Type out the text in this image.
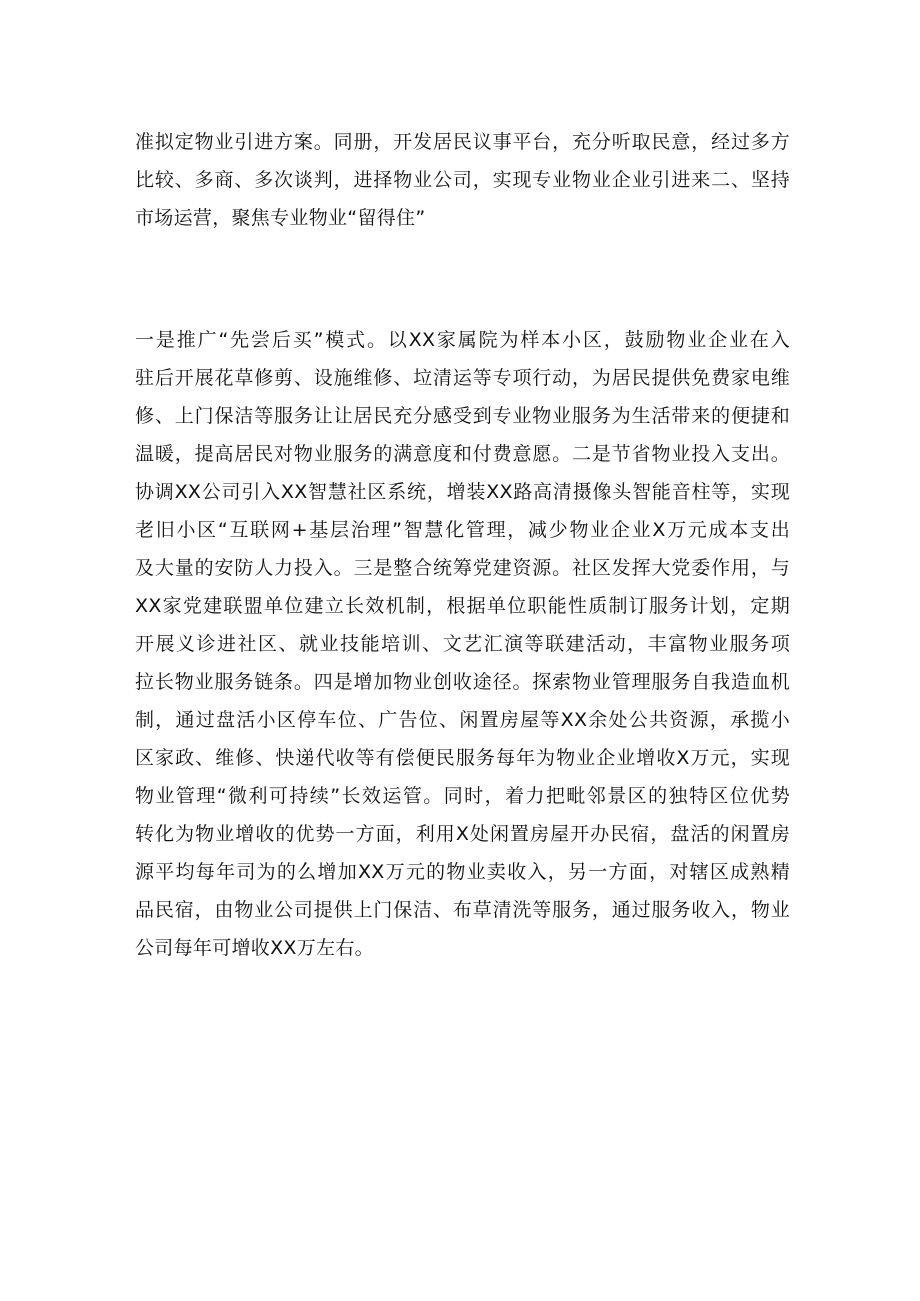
准拟定物业引进方案。同册，开发居民议事平台，充分听取民意，经过多方
比较、多商、多次谈判，进择物业公司，实现专业物业企业引进来二、坚持
市场运营，聚焦专业物业“留得住”
一是推广“先尝后买”模式。以XX家属院为样本小区，鼓励物业企业在入
驻后开展花草修剪、设施维修、垃清运等专项行动，为居民提供免费家电维
修、上门保洁等服务让让居民充分感受到专业物业服务为生活带来的便捷和
温暖，提高居民对物业服务的满意度和付费意愿。二是节省物业投入支出。
协调XX公司引入XX智慧社区系统，增装XX路高清摄像头智能音柱等，实现
老旧小区“互联网+基层治理”智慧化管理，减少物业企业X万元成本支出
及大量的安防人力投入。三是整合统筹党建资源。社区发挥大党委作用，与
XX家党建联盟单位建立长效机制，根据单位职能性质制订服务计划，定期
开展义诊进社区、就业技能培训、文艺汇演等联建活动，丰富物业服务项
拉长物业服务链条。四是增加物业创收途径。探索物业管理服务自我造血机
制，通过盘活小区停车位、广告位、闲置房屋等XX余处公共资源，承揽小
区家政、维修、快递代收等有偿便民服务每年为物业企业增收X万元，实现
物业管理“微利可持续”长效运管。同时，着力把毗邻景区的独特区位优势
转化为物业增收的优势一方面，利用X处闲置房屋开办民宿，盘活的闲置房
源平均每年司为的么增加XX万元的物业卖收入，另一方面，对辖区成熟精
品民宿，由物业公司提供上门保洁、布草清洗等服务，通过服务收入，物业
公司每年可增收XX万左右。
